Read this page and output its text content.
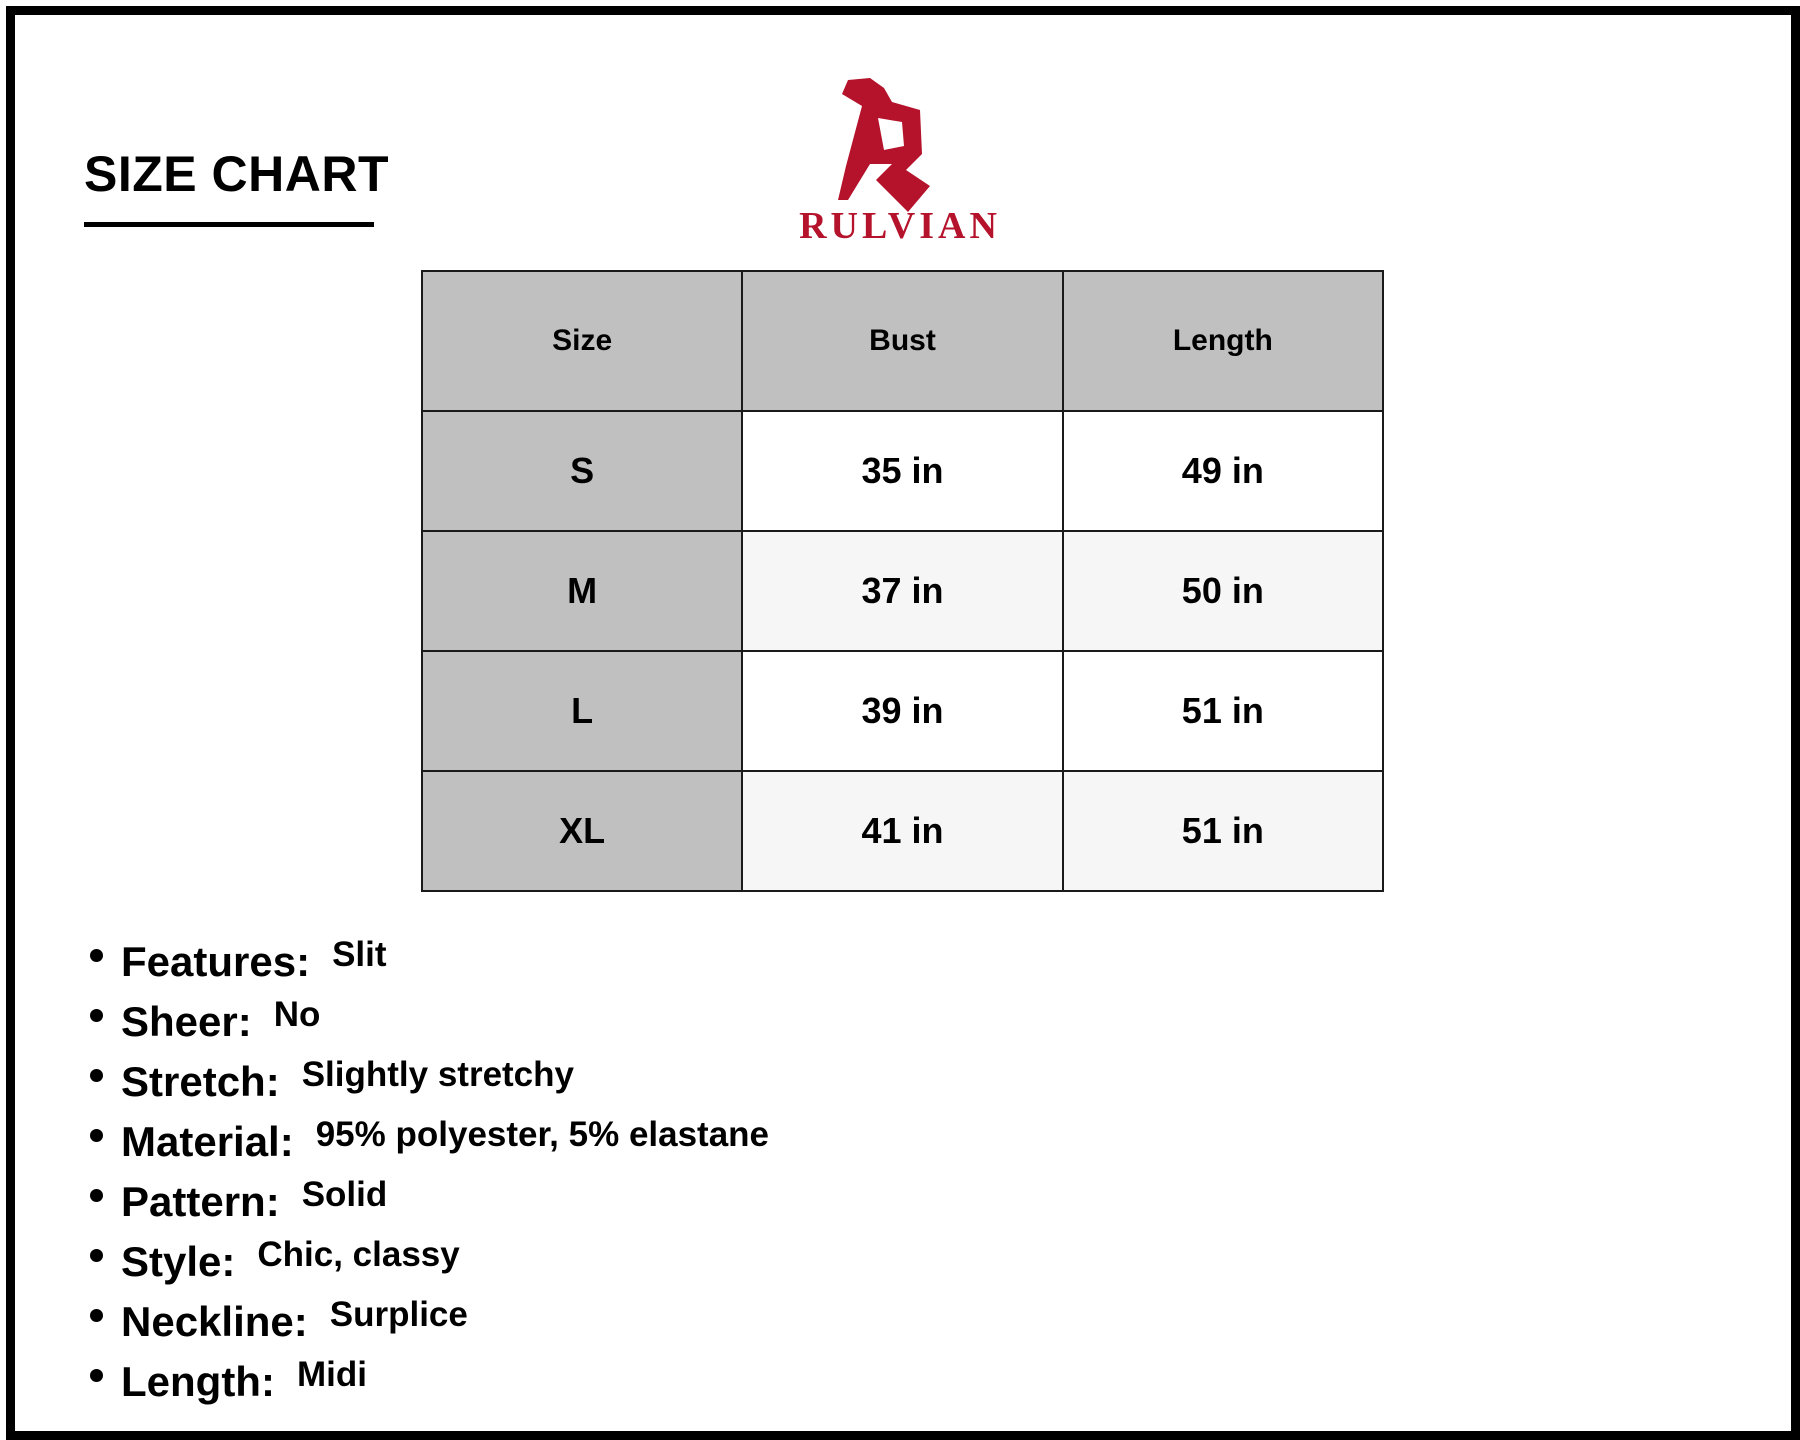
SIZE CHART
RULVIAN
Size	Bust	Length
S	35 in	49 in
M	37 in	50 in
L	39 in	51 in
XL	41 in	51 in
Features: Slit
Sheer: No
Stretch: Slightly stretchy
Material: 95% polyester, 5% elastane
Pattern: Solid
Style: Chic, classy
Neckline: Surplice
Length: Midi
